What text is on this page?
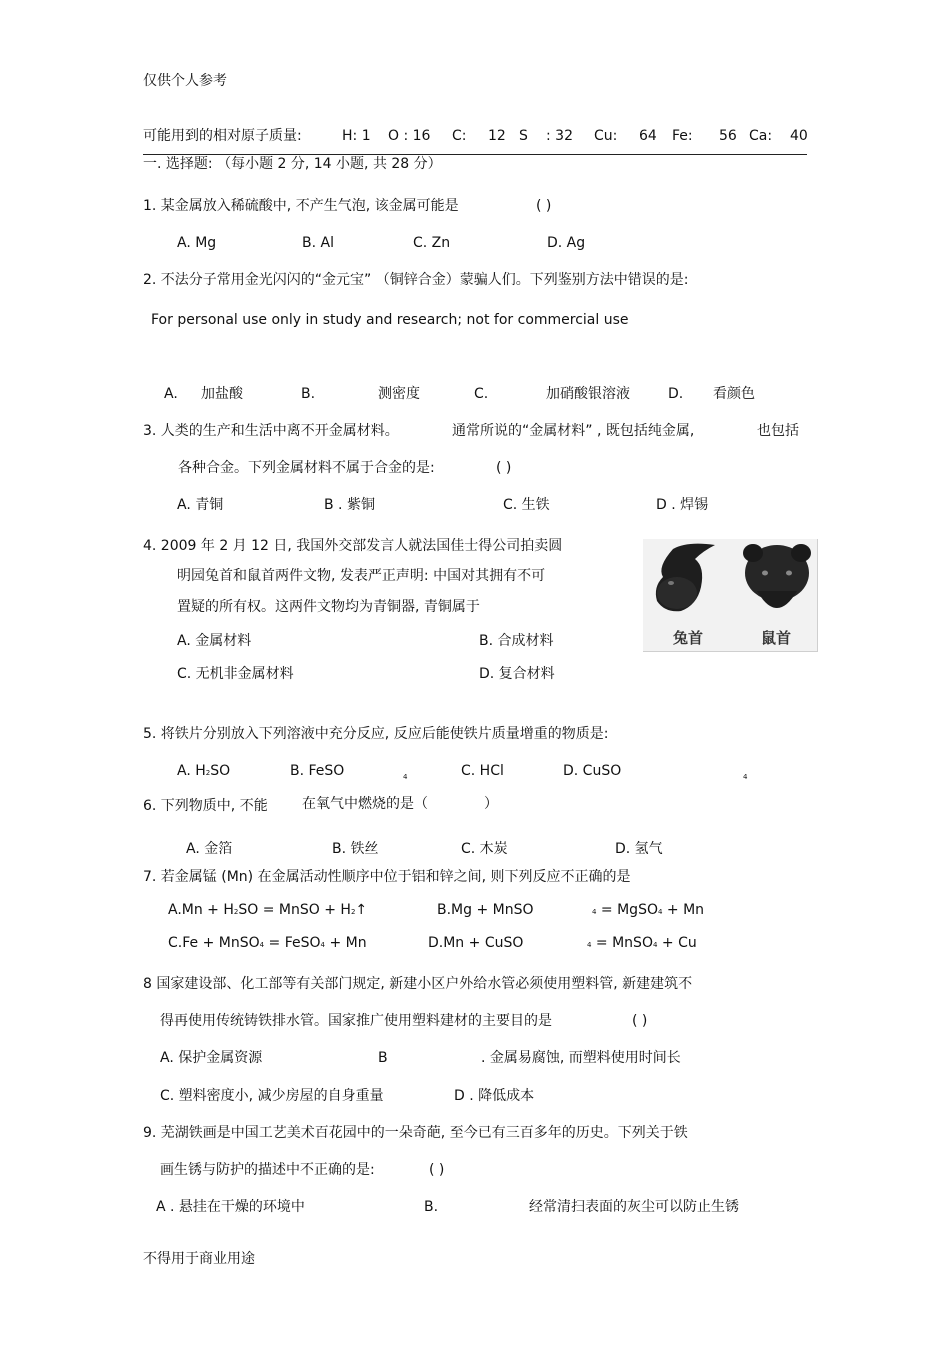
仅供个人参考
可能用到的相对原子质量:	H: 1 O : 16 C: 12 S : 32 Cu: 64 Fe: 56 Ca: 40
一. 选择题: （每小题 2 分, 14 小题, 共 28 分）
1. 某金属放入稀硫酸中, 不产生气泡, 该金属可能是	( )
A. Mg	B. Al	C. Zn	D. Ag
2. 不法分子常用金光闪闪的“金元宝” （铜锌合金）蒙骗人们。下列鉴别方法中错误的是:
For personal use only in study and research; not for commercial use
A. 加盐酸	B.	测密度	C.	加硝酸银溶液	D. 看颜色
3. 人类的生产和生活中离不开金属材料。	通常所说的“金属材料” , 既包括纯金属,	也包括
各种合金。下列金属材料不属于合金的是:	( )
A. 青铜	B . 紫铜	C. 生铁	D . 焊锡
4. 2009 年 2 月 12 日, 我国外交部发言人就法国佳士得公司拍卖圆
明园兔首和鼠首两件文物, 发表严正声明: 中国对其拥有不可
置疑的所有权。这两件文物均为青铜器, 青铜属于
A. 金属材料	B. 合成材料
C. 无机非金属材料	D. 复合材料
兔首	鼠首
5. 将铁片分别放入下列溶液中充分反应, 反应后能使铁片质量增重的物质是:
A. H2SO	B. FeSO	4	C. HCl	D. CuSO	4
6. 下列物质中, 不能 在氧气中燃烧的是（	）
A. 金箔	B. 铁丝	C. 木炭	D. 氢气
7. 若金属锰 (Mn) 在金属活动性顺序中位于铝和锌之间, 则下列反应不正确的是
A.Mn + H2SO = MnSO + H2↑	B.Mg + MnSO	4 = MgSO4 + Mn
C.Fe + MnSO4 = FeSO4 + Mn	D.Mn + CuSO	4 = MnSO4 + Cu
8 国家建设部、化工部等有关部门规定, 新建小区户外给水管必须使用塑料管, 新建建筑不
得再使用传统铸铁排水管。国家推广使用塑料建材的主要目的是	( )
A. 保护金属资源	B	. 金属易腐蚀, 而塑料使用时间长
C. 塑料密度小, 减少房屋的自身重量	D . 降低成本
9. 芜湖铁画是中国工艺美术百花园中的一朵奇葩, 至今已有三百多年的历史。下列关于铁
画生锈与防护的描述中不正确的是:	( )
A . 悬挂在干燥的环境中	B.	经常清扫表面的灰尘可以防止生锈
不得用于商业用途
